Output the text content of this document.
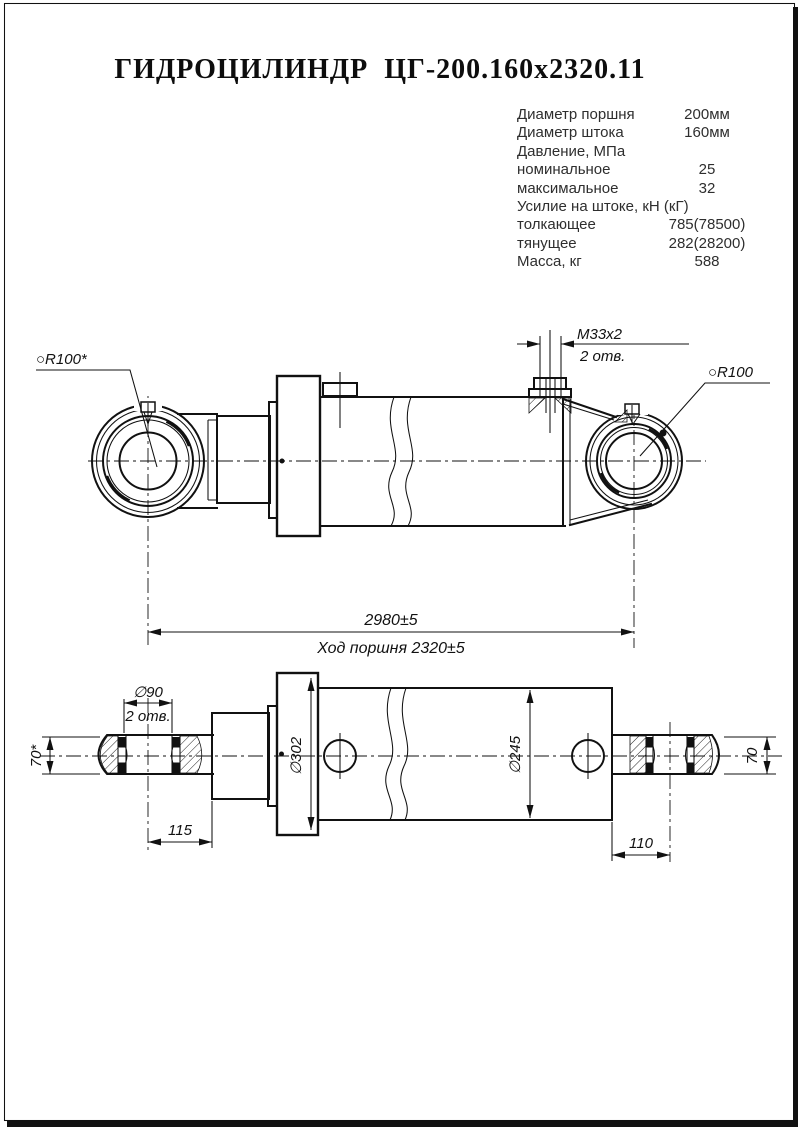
ГИДРОЦИЛИНДР  ЦГ-200.160х2320.11
Диаметр поршня	200мм
Диаметр штока	160мм
Давление, МПа
номинальное	25
максимальное	32
Усилие на штоке, кН (кГ)
толкающее	785(78500)
тянущее	282(28200)
Масса, кг	588
○R100*
○R100
М33х2
2 отв.
2980±5
Ход поршня 2320±5
70*
∅90
2 отв.
115
∅302	∅245
110
70
